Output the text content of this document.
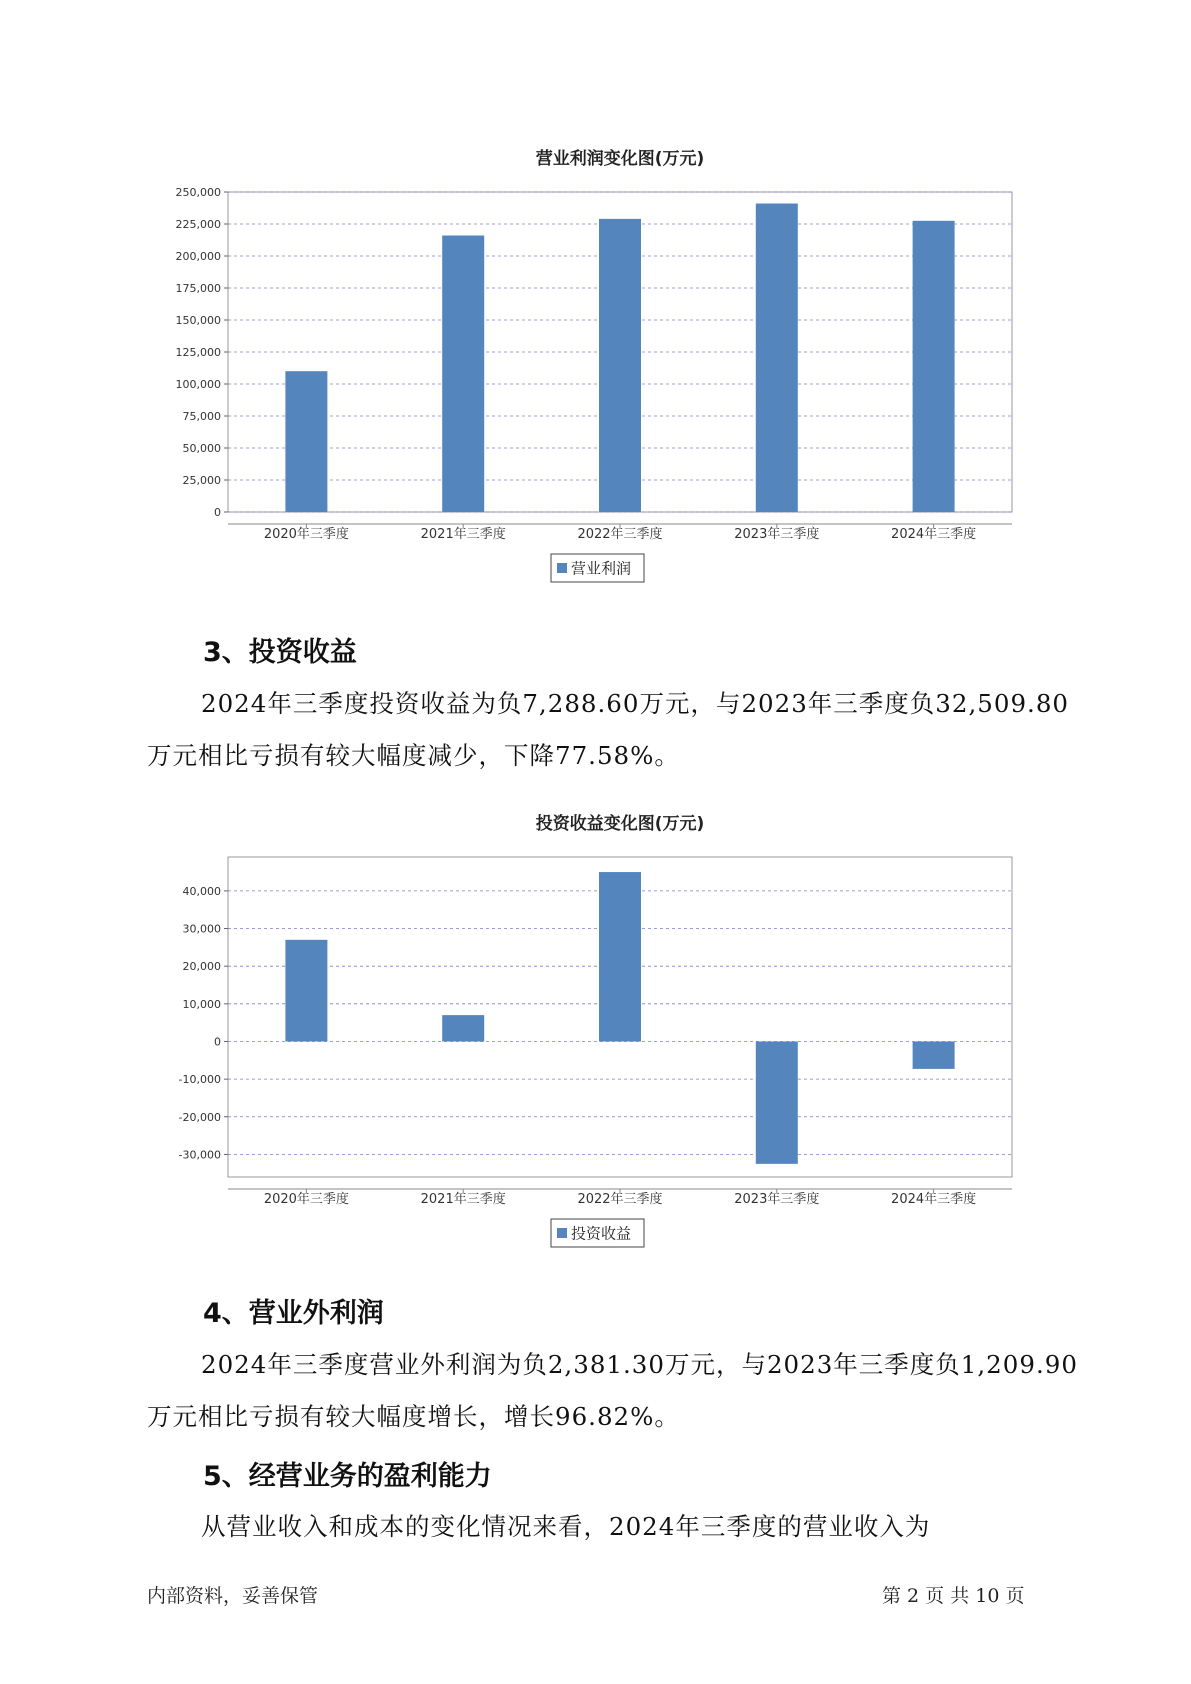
营业利润变化图(万元)
0
25,000
50,000
75,000
100,000
125,000
150,000
175,000
200,000
225,000
250,000
2020年三季度	2021年三季度	2022年三季度	2023年三季度	2024年三季度
营业利润
3、投资收益

2024年三季度投资收益为负7,288.60万元，与2023年三季度负32,509.80万元相比亏损有较大幅度减少，下降77.58%。

投资收益变化图(万元)
-30,000
-20,000
-10,000
0
10,000
20,000
30,000
40,000
2020年三季度	2021年三季度	2022年三季度	2023年三季度	2024年三季度
投资收益
4、营业外利润

2024年三季度营业外利润为负2,381.30万元，与2023年三季度负1,209.90万元相比亏损有较大幅度增长，增长96.82%。

5、经营业务的盈利能力

从营业收入和成本的变化情况来看，2024年三季度的营业收入为

内部资料，妥善保管	第 2 页 共 10 页
